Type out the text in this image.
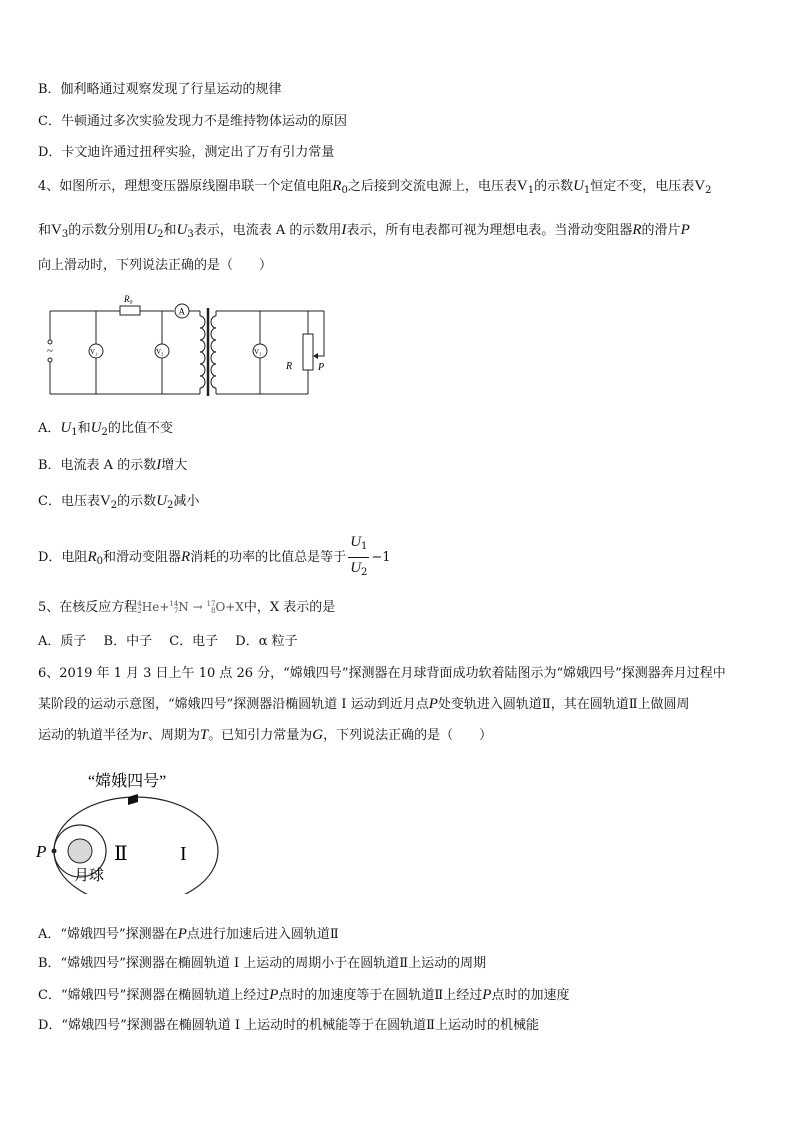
B．伽利略通过观察发现了行星运动的规律
C．牛顿通过多次实验发现力不是维持物体运动的原因
D．卡文迪许通过扭秤实验，测定出了万有引力常量
4、如图所示，理想变压器原线圈串联一个定值电阻$R_0$之后接到交流电源上，电压表$V_1$的示数$U_1$恒定不变，电压表$V_2$
和$V_3$的示数分别用$U_2$和$U_3$表示，电流表 A 的示数用I表示，所有电表都可视为理想电表。当滑动变阻器R的滑片P
向上滑动时，下列说法正确的是（　　）
~
R₀
A
V₁	V₂	V₃
R	P
A．$U_1$和$U_2$的比值不变
B．电流表 A 的示数I增大
C．电压表$V_2$的示数$U_2$减小
D．电阻$R_0$和滑动变阻器R消耗的功率的比值总是等于 $\frac{U_1}{U_2} -1$
5、在核反应方程4
2He+14
7N → 17
8O+X中，X 表示的是
A．质子　 B．中子　 C．电子　 D．α 粒子
6、2019 年 1 月 3 日上午 10 点 26 分，“嫦娥四号”探测器在月球背面成功软着陆图示为“嫦娥四号”探测器奔月过程中
某阶段的运动示意图，“嫦娥四号”探测器沿椭圆轨道 I 运动到近月点P处变轨进入圆轨道Ⅱ，其在圆轨道Ⅱ上做圆周
运动的轨道半径为r、周期为T。已知引力常量为G，下列说法正确的是（　　）
“嫦娥四号”
P	Ⅱ	I
月球
A．“嫦娥四号”探测器在P点进行加速后进入圆轨道Ⅱ
B．“嫦娥四号”探测器在椭圆轨道 I 上运动的周期小于在圆轨道Ⅱ上运动的周期
C．“嫦娥四号”探测器在椭圆轨道上经过P点时的加速度等于在圆轨道Ⅱ上经过P点时的加速度
D．“嫦娥四号”探测器在椭圆轨道 I 上运动时的机械能等于在圆轨道Ⅱ上运动时的机械能
